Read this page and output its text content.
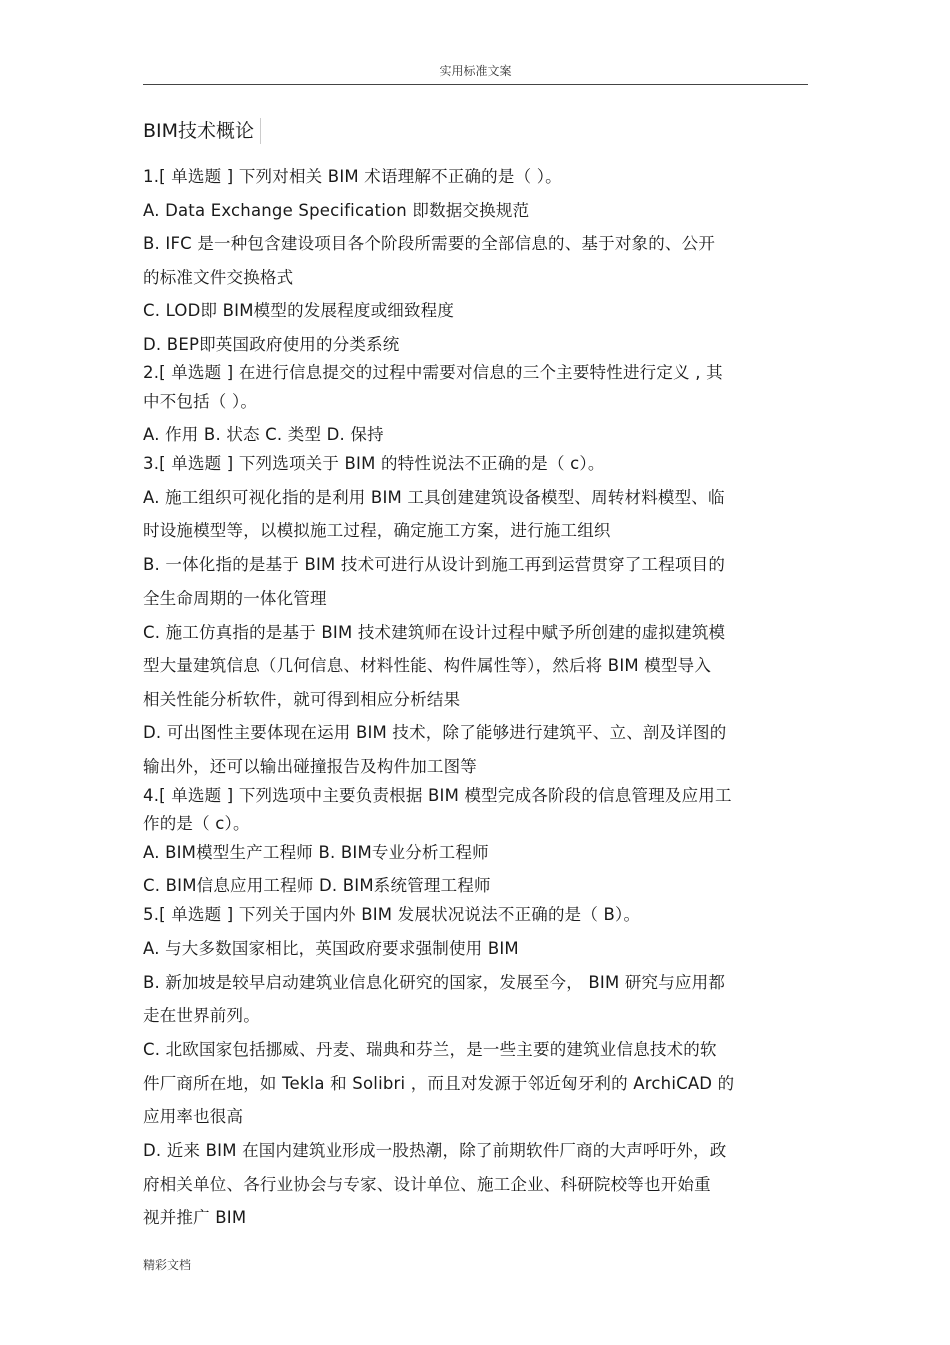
实用标准文案
BIM技术概论
1.[ 单选题 ] 下列对相关 BIM 术语理解不正确的是（ ）。
A. Data Exchange Specification 即数据交换规范
B. IFC 是一种包含建设项目各个阶段所需要的全部信息的、基于对象的、公开
的标准文件交换格式
C. LOD即 BIM模型的发展程度或细致程度
D. BEP即英国政府使用的分类系统
2.[ 单选题 ] 在进行信息提交的过程中需要对信息的三个主要特性进行定义 , 其
中不包括（ ）。
A. 作用 B. 状态 C. 类型 D. 保持
3.[ 单选题 ] 下列选项关于 BIM 的特性说法不正确的是（ c）。
A. 施工组织可视化指的是利用 BIM 工具创建建筑设备模型、周转材料模型、临
时设施模型等，以模拟施工过程，确定施工方案，进行施工组织
B. 一体化指的是基于 BIM 技术可进行从设计到施工再到运营贯穿了工程项目的
全生命周期的一体化管理
C. 施工仿真指的是基于 BIM 技术建筑师在设计过程中赋予所创建的虚拟建筑模
型大量建筑信息（几何信息、材料性能、构件属性等），然后将 BIM 模型导入
相关性能分析软件，就可得到相应分析结果
D. 可出图性主要体现在运用 BIM 技术，除了能够进行建筑平、立、剖及详图的
输出外，还可以输出碰撞报告及构件加工图等
4.[ 单选题 ] 下列选项中主要负责根据 BIM 模型完成各阶段的信息管理及应用工
作的是（ c）。
A. BIM模型生产工程师 B. BIM专业分析工程师
C. BIM信息应用工程师 D. BIM系统管理工程师
5.[ 单选题 ] 下列关于国内外 BIM 发展状况说法不正确的是（ B）。
A. 与大多数国家相比，英国政府要求强制使用 BIM
B. 新加坡是较早启动建筑业信息化研究的国家，发展至今， BIM 研究与应用都
走在世界前列。
C. 北欧国家包括挪威、丹麦、瑞典和芬兰，是一些主要的建筑业信息技术的软
件厂商所在地，如 Tekla 和 Solibri ，而且对发源于邻近匈牙利的 ArchiCAD 的
应用率也很高
D. 近来 BIM 在国内建筑业形成一股热潮，除了前期软件厂商的大声呼吁外，政
府相关单位、各行业协会与专家、设计单位、施工企业、科研院校等也开始重
视并推广 BIM
精彩文档
